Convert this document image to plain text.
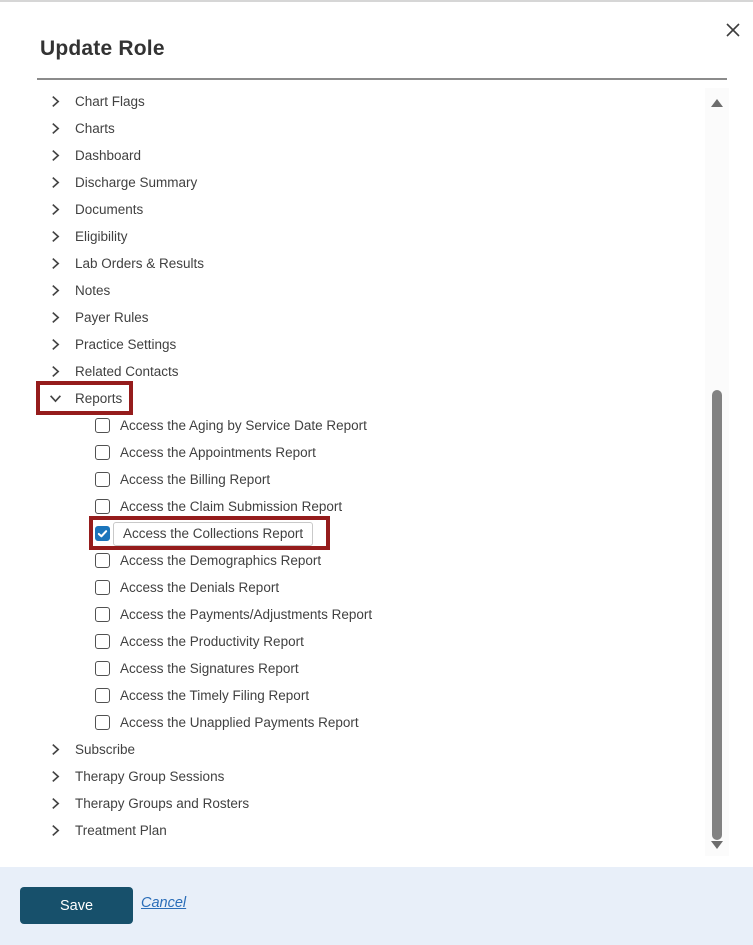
Update Role
Chart Flags
Charts
Dashboard
Discharge Summary
Documents
Eligibility
Lab Orders & Results
Notes
Payer Rules
Practice Settings
Related Contacts
Reports
Access the Aging by Service Date Report
Access the Appointments Report
Access the Billing Report
Access the Claim Submission Report
Access the Collections Report
Access the Demographics Report
Access the Denials Report
Access the Payments/Adjustments Report
Access the Productivity Report
Access the Signatures Report
Access the Timely Filing Report
Access the Unapplied Payments Report
Subscribe
Therapy Group Sessions
Therapy Groups and Rosters
Treatment Plan
Save	Cancel
